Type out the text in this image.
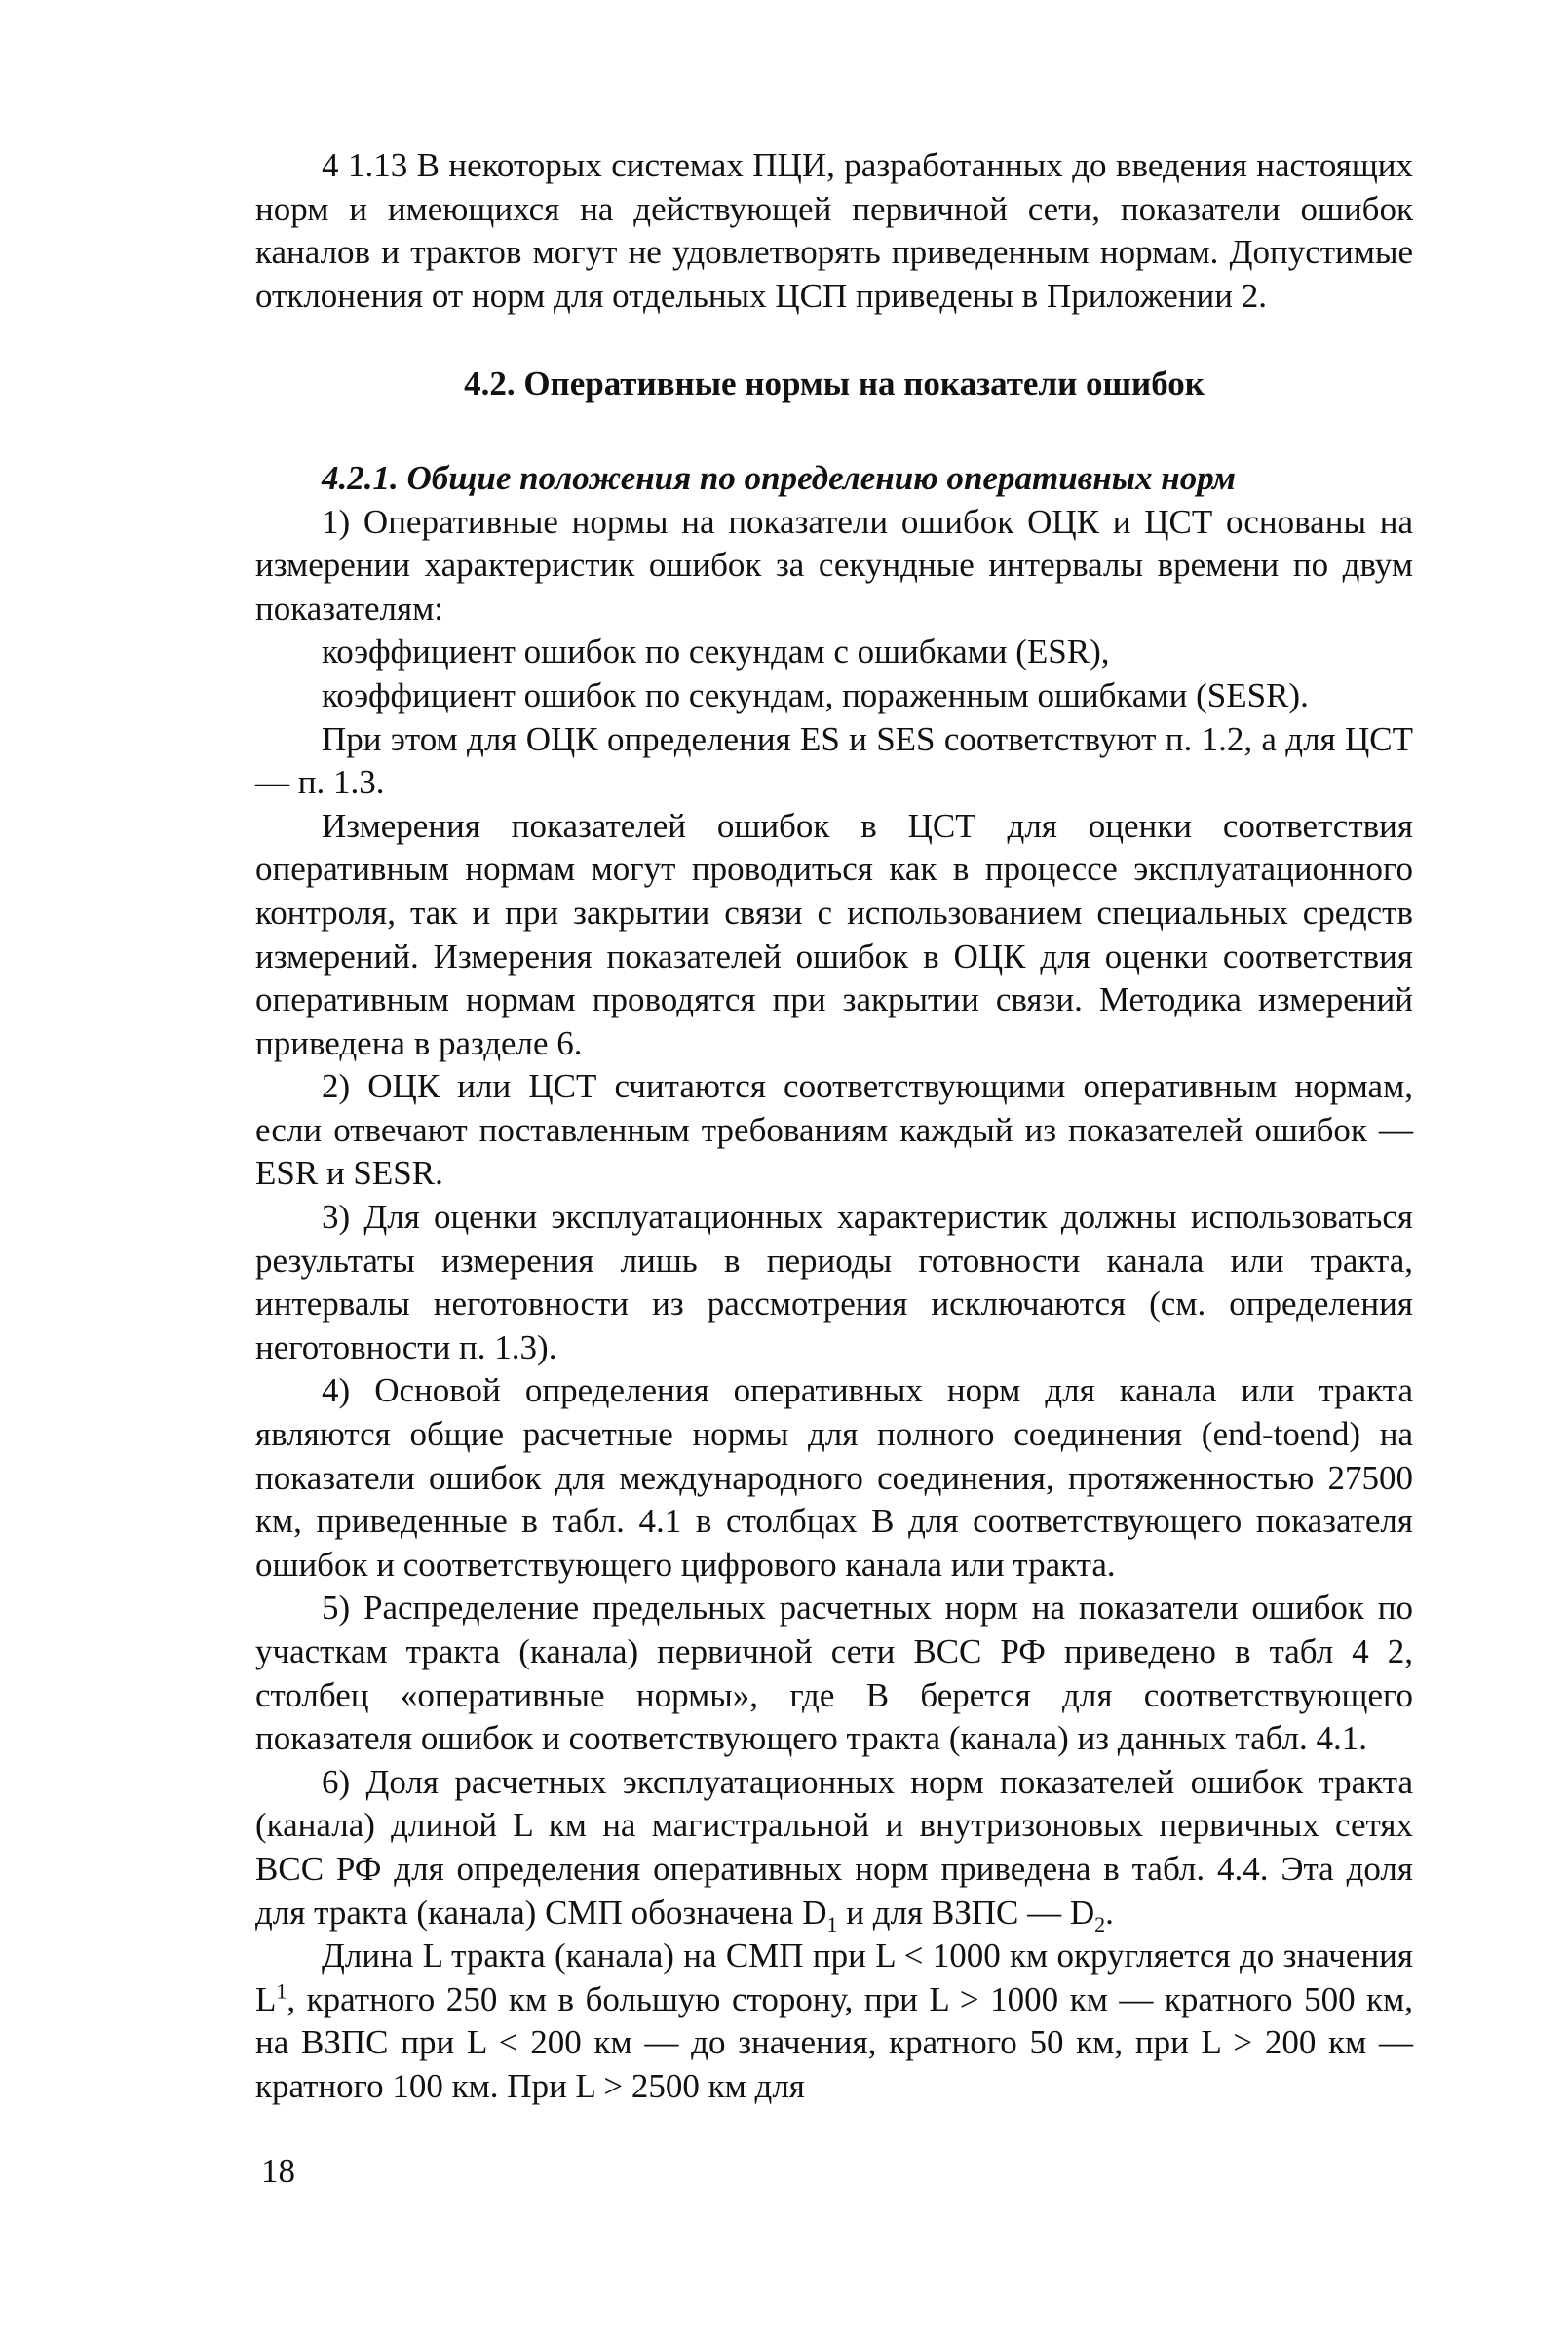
4 1.13 В некоторых системах ПЦИ, разработанных до введения настоящих норм и имеющихся на действующей первичной сети, показатели ошибок каналов и трактов могут не удовлетворять приведенным нормам. Допустимые отклонения от норм для отдельных ЦСП приведены в Приложении 2.

4.2. Оперативные нормы на показатели ошибок
4.2.1. Общие положения по определению оперативных норм

1) Оперативные нормы на показатели ошибок ОЦК и ЦСТ основаны на измерении характеристик ошибок за секундные интервалы времени по двум показателям:

коэффициент ошибок по секундам с ошибками (ESR),

коэффициент ошибок по секундам, пораженным ошибками (SESR).

При этом для ОЦК определения ES и SES соответствуют п. 1.2, а для ЦСТ — п. 1.3.

Измерения показателей ошибок в ЦСТ для оценки соответствия оперативным нормам могут проводиться как в процессе эксплуатационного контроля, так и при закрытии связи с использованием специальных средств измерений. Измерения показателей ошибок в ОЦК для оценки соответствия оперативным нормам проводятся при закрытии связи. Методика измерений приведена в разделе 6.

2) ОЦК или ЦСТ считаются соответствующими оперативным нормам, если отвечают поставленным требованиям каждый из показателей ошибок — ESR и SESR.

3) Для оценки эксплуатационных характеристик должны использоваться результаты измерения лишь в периоды готовности канала или тракта, интервалы неготовности из рассмотрения исключаются (см. определения неготовности п. 1.3).

4) Основой определения оперативных норм для канала или тракта являются общие расчетные нормы для полного соединения (end-toend) на показатели ошибок для международного соединения, протяженностью 27500 км, приведенные в табл. 4.1 в столбцах В для соответствующего показателя ошибок и соответствующего цифрового канала или тракта.

5) Распределение предельных расчетных норм на показатели ошибок по участкам тракта (канала) первичной сети ВСС РФ приведено в табл 4 2, столбец «оперативные нормы», где В берется для соответствующего показателя ошибок и соответствующего тракта (канала) из данных табл. 4.1.

6) Доля расчетных эксплуатационных норм показателей ошибок тракта (канала) длиной L км на магистральной и внутризоновых первичных сетях ВСС РФ для определения оперативных норм приведена в табл. 4.4. Эта доля для тракта (канала) СМП обозначена $D_1$ и для ВЗПС — $D_2$.

Длина L тракта (канала) на СМП при L < 1000 км округляется до значения $L^1$, кратного 250 км в большую сторону, при L > 1000 км — кратного 500 км, на ВЗПС при L < 200 км — до значения, кратного 50 км, при L > 200 км — кратного 100 км. При L > 2500 км для

18
